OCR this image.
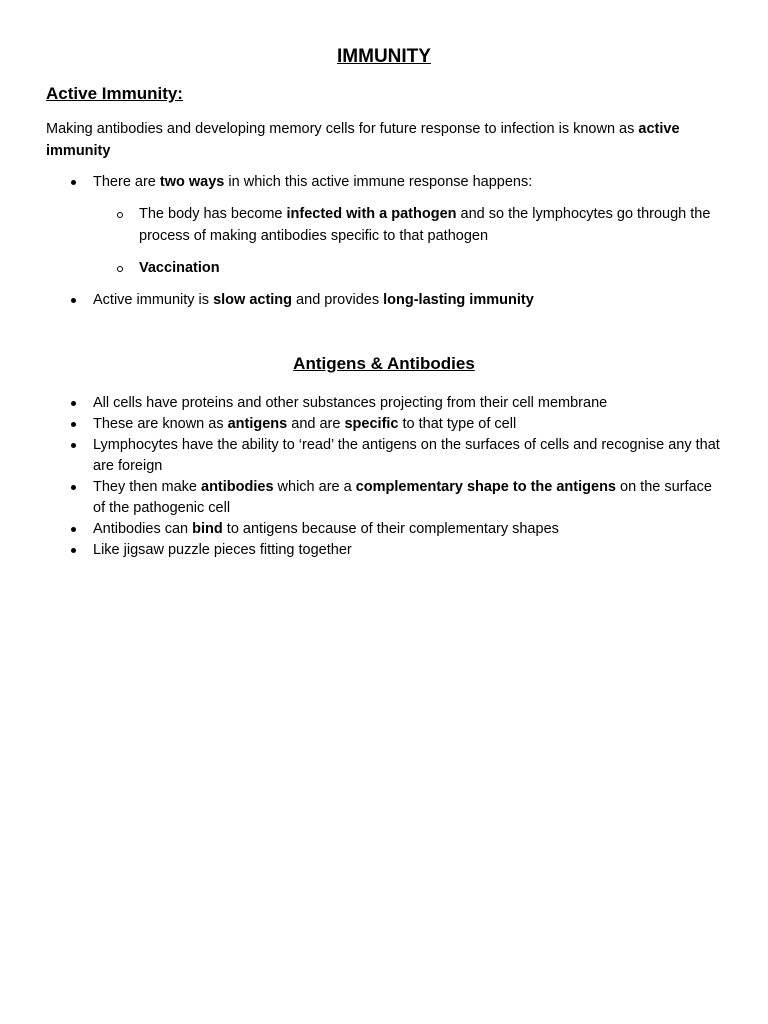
IMMUNITY
Active Immunity:

Making antibodies and developing memory cells for future response to infection is known as active immunity

There are two ways in which this active immune response happens:
The body has become infected with a pathogen and so the lymphocytes go through the process of making antibodies specific to that pathogen
Vaccination
Active immunity is slow acting and provides long-lasting immunity
Antigens & Antibodies
All cells have proteins and other substances projecting from their cell membrane
These are known as antigens and are specific to that type of cell
Lymphocytes have the ability to ‘read’ the antigens on the surfaces of cells and recognise any that are foreign
They then make antibodies which are a complementary shape to the antigens on the surface of the pathogenic cell
Antibodies can bind to antigens because of their complementary shapes
Like jigsaw puzzle pieces fitting together
